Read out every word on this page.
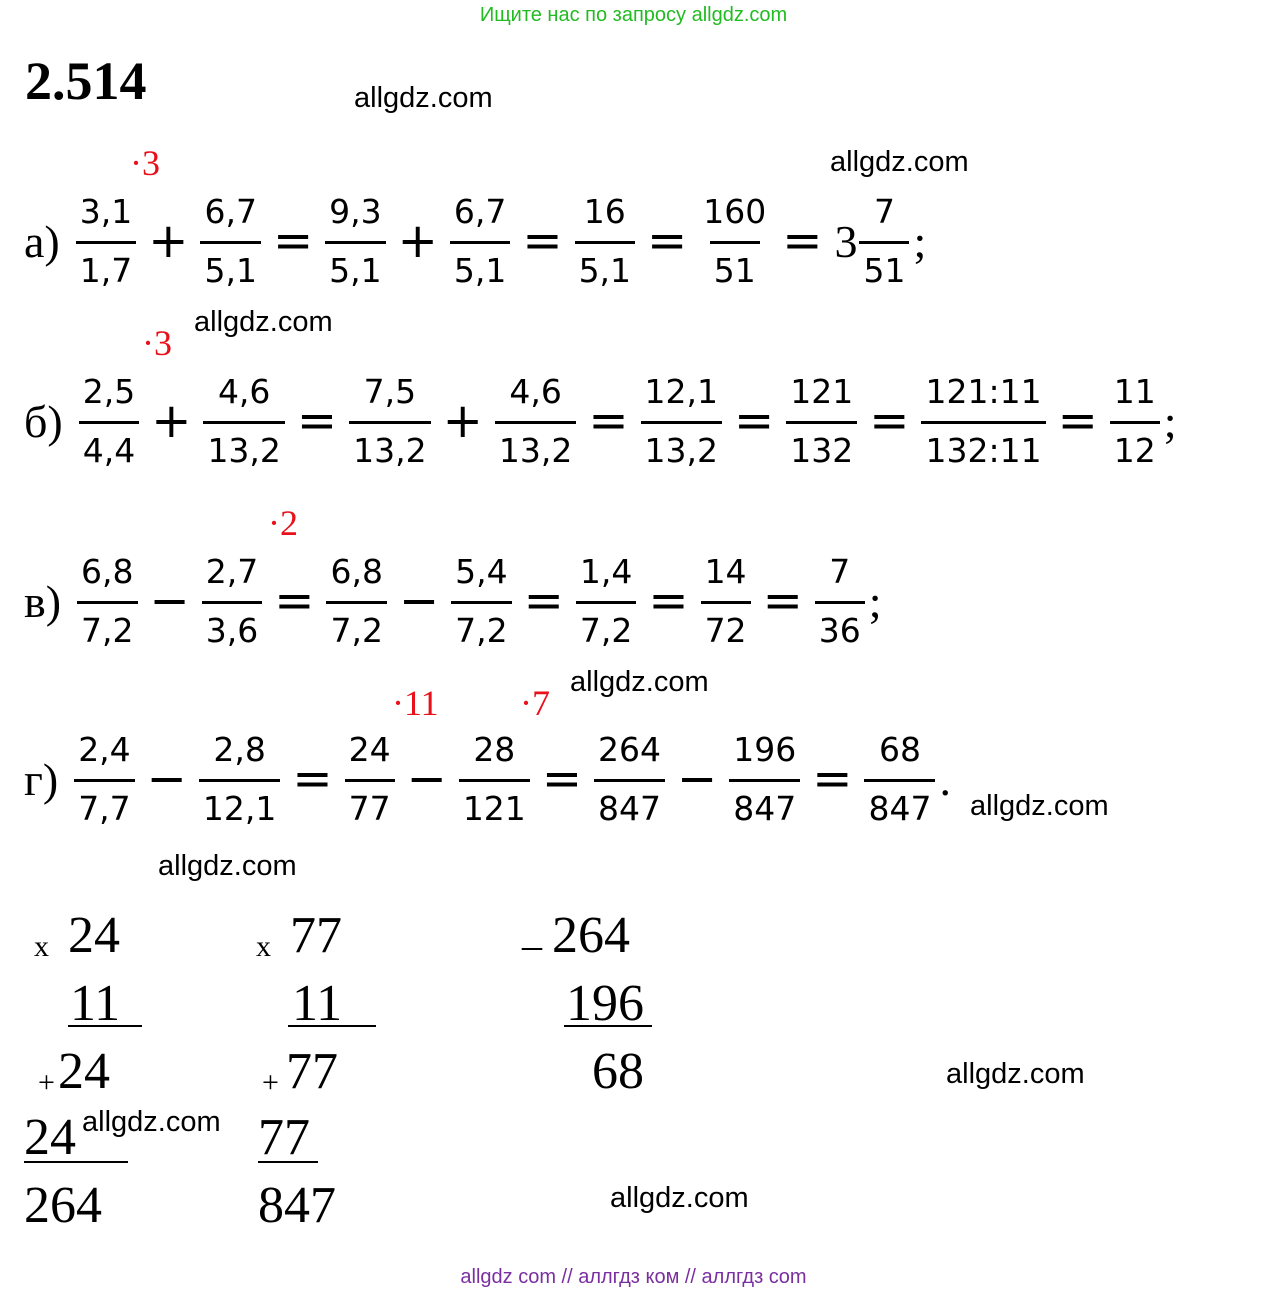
Ищите нас по запросу allgdz.com
allgdz com // аллгдз ком // аллгдз com
2.514	allgdz.com
allgdz.com
allgdz.com
allgdz.com
allgdz.com
allgdz.com
allgdz.com
allgdz.com
allgdz.com
·3
·3
·2
·11 ·7
$а) \frac{3,1}{1,7} + \frac{6,7}{5,1} = \frac{9,3}{5,1} + \frac{6,7}{5,1} = \frac{16}{5,1} = \frac{160}{51} = 3 \frac{7}{51}$ ;
$б) \frac{2,5}{4,4} + \frac{4,6}{13,2} = \frac{7,5}{13,2} + \frac{4,6}{13,2} = \frac{12,1}{13,2} = \frac{121}{132} = \frac{121:11}{132:11} = \frac{11}{12}$ ;
$в) \frac{6,8}{7,2} - \frac{2,7}{3,6} = \frac{6,8}{7,2} - \frac{5,4}{7,2} = \frac{1,4}{7,2} = \frac{14}{72} = \frac{7}{36}$ ;
$г) \frac{2,4}{7,7} - \frac{2,8}{12,1} = \frac{24}{77} - \frac{28}{121} = \frac{264}{847} - \frac{196}{847} = \frac{68}{847}$ .
x 24
11
+ 24
24
264
x 77
11
+ 77
77
847
_ 264
196
68
